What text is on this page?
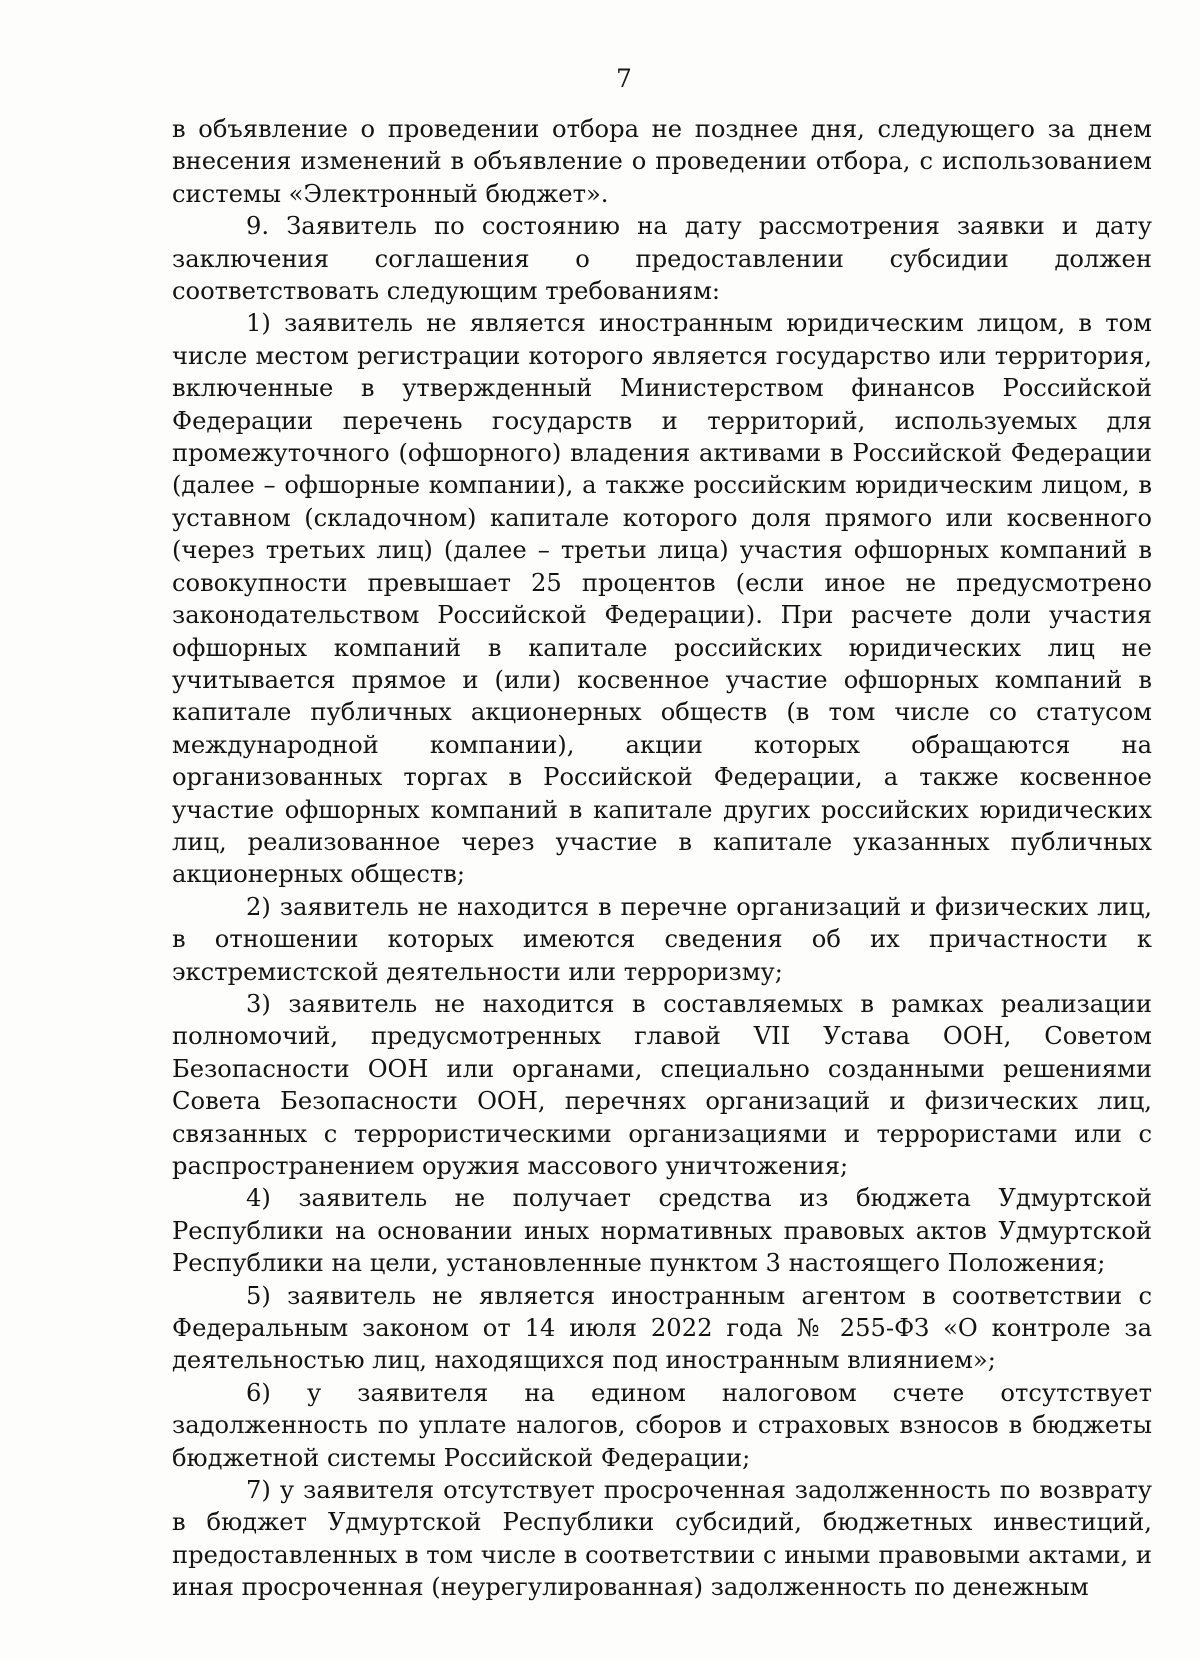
7

в объявление о проведении отбора не позднее дня, следующего за днем внесения изменений в объявление о проведении отбора, с использованием системы «Электронный бюджет».

9. Заявитель по состоянию на дату рассмотрения заявки и дату заключения соглашения о предоставлении субсидии должен соответствовать следующим требованиям:

1) заявитель не является иностранным юридическим лицом, в том числе местом регистрации которого является государство или территория, включенные в утвержденный Министерством финансов Российской Федерации перечень государств и территорий, используемых для промежуточного (офшорного) владения активами в Российской Федерации (далее – офшорные компании), а также российским юридическим лицом, в уставном (складочном) капитале которого доля прямого или косвенного (через третьих лиц) (далее – третьи лица) участия офшорных компаний в совокупности превышает 25 процентов (если иное не предусмотрено законодательством Российской Федерации). При расчете доли участия офшорных компаний в капитале российских юридических лиц не учитывается прямое и (или) косвенное участие офшорных компаний в капитале публичных акционерных обществ (в том числе со статусом международной компании), акции которых обращаются на организованных торгах в Российской Федерации, а также косвенное участие офшорных компаний в капитале других российских юридических лиц, реализованное через участие в капитале указанных публичных акционерных обществ;

2) заявитель не находится в перечне организаций и физических лиц, в отношении которых имеются сведения об их причастности к экстремистской деятельности или терроризму;

3) заявитель не находится в составляемых в рамках реализации полномочий, предусмотренных главой VII Устава ООН, Советом Безопасности ООН или органами, специально созданными решениями Совета Безопасности ООН, перечнях организаций и физических лиц, связанных с террористическими организациями и террористами или с распространением оружия массового уничтожения;

4) заявитель не получает средства из бюджета Удмуртской Республики на основании иных нормативных правовых актов Удмуртской Республики на цели, установленные пунктом 3 настоящего Положения;

5) заявитель не является иностранным агентом в соответствии с Федеральным законом от 14 июля 2022 года № 255-ФЗ «О контроле за деятельностью лиц, находящихся под иностранным влиянием»;

6) у заявителя на едином налоговом счете отсутствует задолженность по уплате налогов, сборов и страховых взносов в бюджеты бюджетной системы Российской Федерации;

7) у заявителя отсутствует просроченная задолженность по возврату в бюджет Удмуртской Республики субсидий, бюджетных инвестиций, предоставленных в том числе в соответствии с иными правовыми актами, и иная просроченная (неурегулированная) задолженность по денежным
